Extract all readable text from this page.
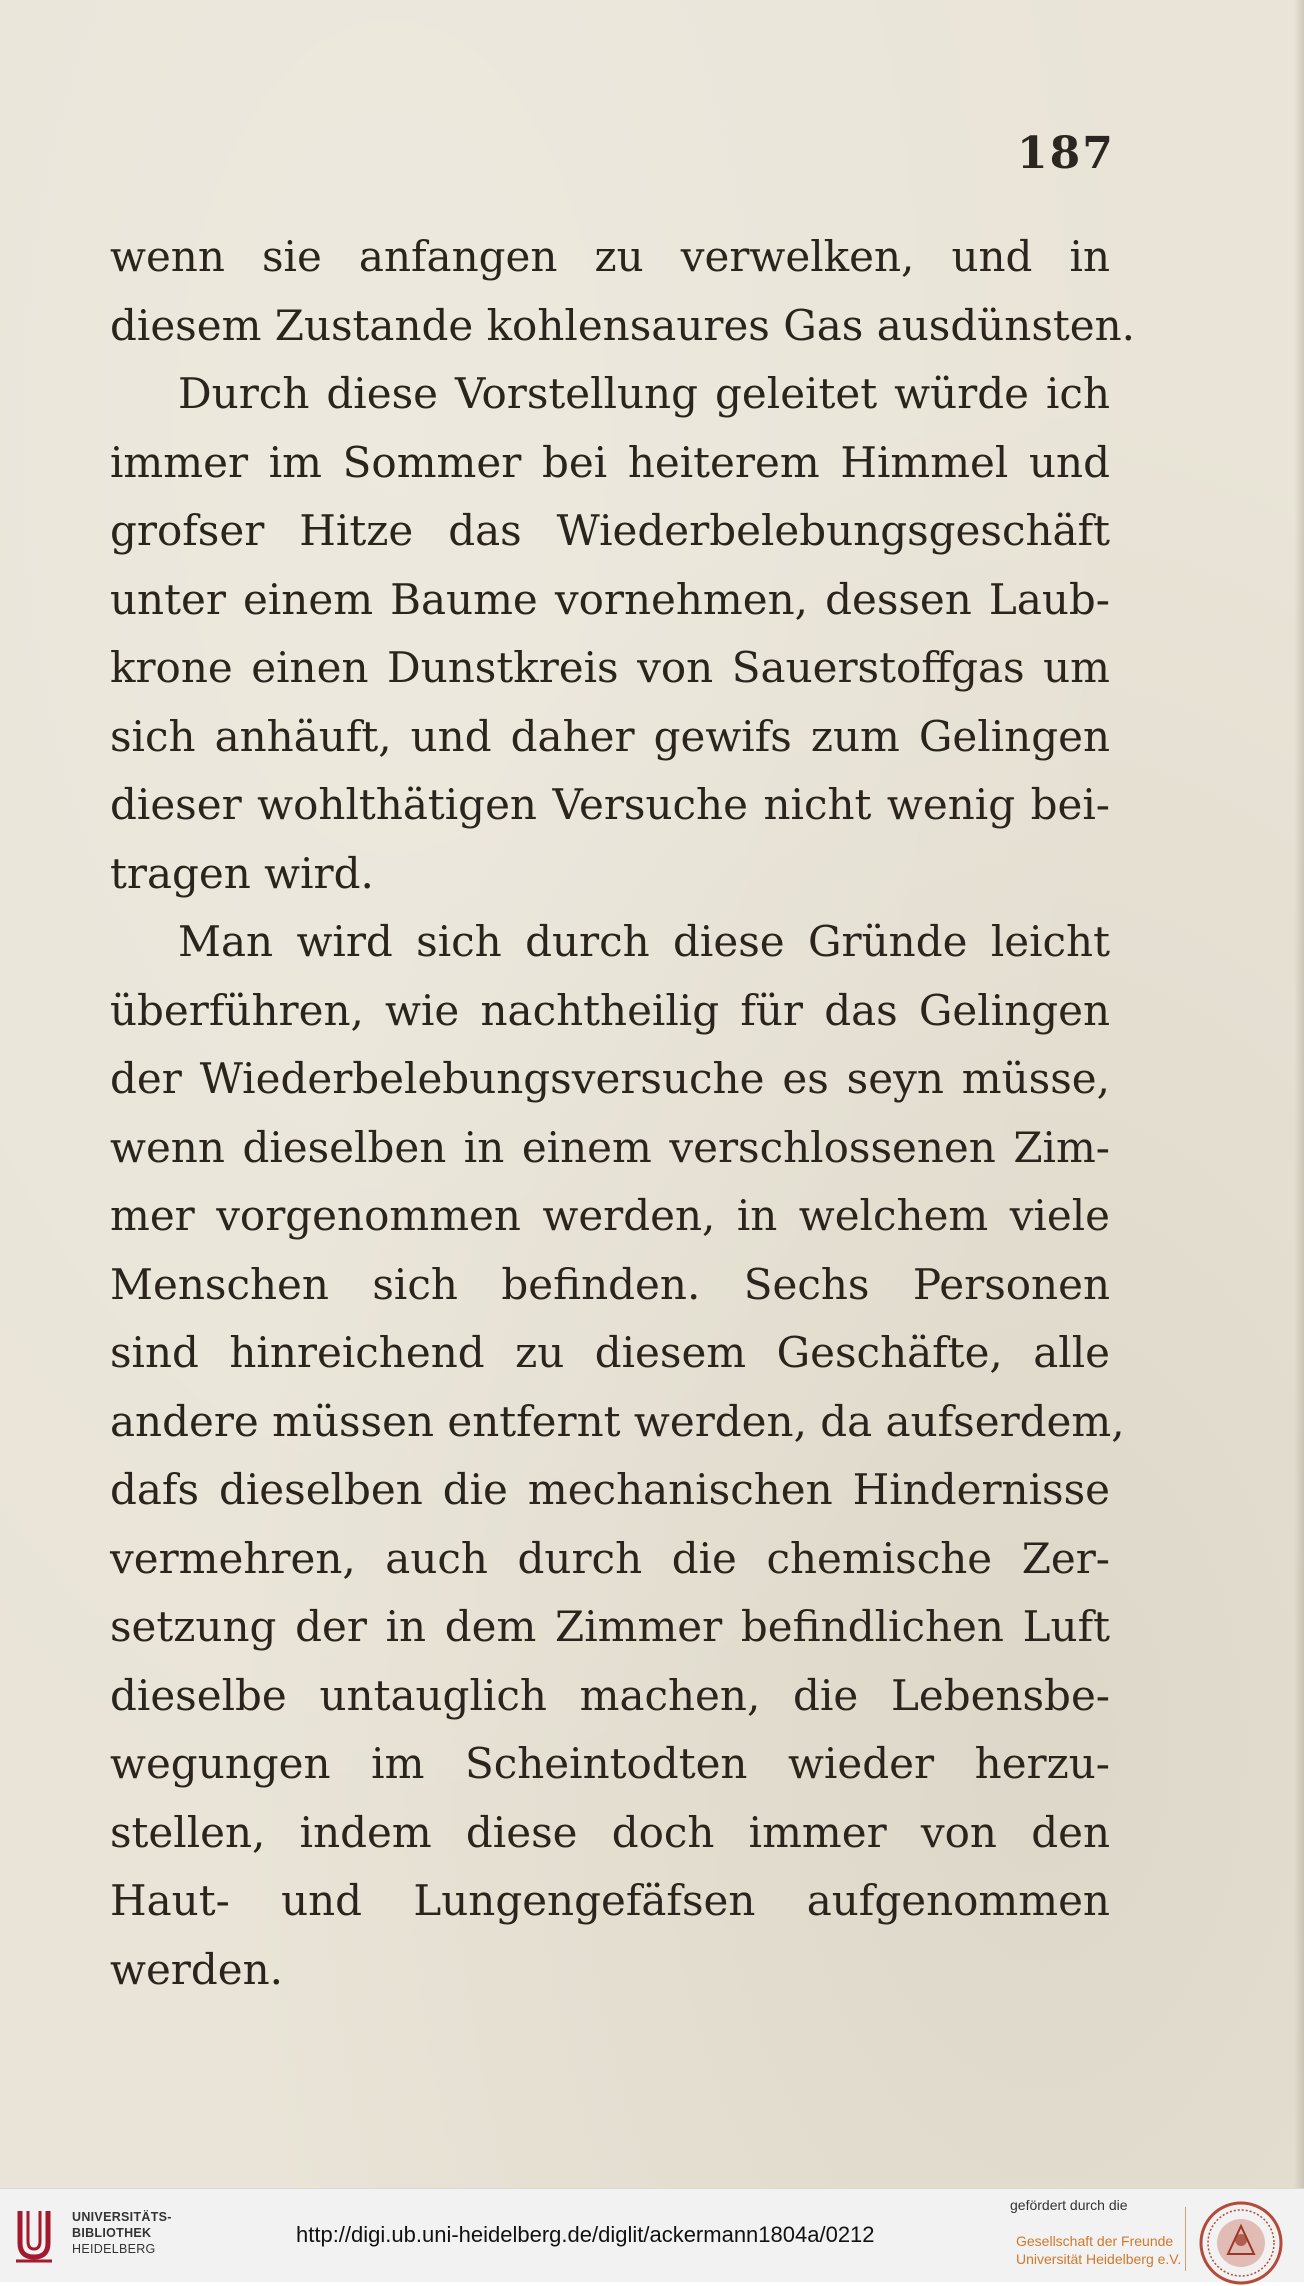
187
wenn sie anfangen zu verwelken, und in
diesem Zustande kohlensaures Gas ausdünsten.
Durch diese Vorstellung geleitet würde ich
immer im Sommer bei heiterem Himmel und
grofser Hitze das Wiederbelebungsgeschäft
unter einem Baume vornehmen, dessen Laub-
krone einen Dunstkreis von Sauerstoffgas um
sich anhäuft, und daher gewifs zum Gelingen
dieser wohlthätigen Versuche nicht wenig bei-
tragen wird.
Man wird sich durch diese Gründe leicht
überführen, wie nachtheilig für das Gelingen
der Wiederbelebungsversuche es seyn müsse,
wenn dieselben in einem verschlossenen Zim-
mer vorgenommen werden, in welchem viele
Menschen sich befinden. Sechs Personen
sind hinreichend zu diesem Geschäfte, alle
andere müssen entfernt werden, da aufserdem,
dafs dieselben die mechanischen Hindernisse
vermehren, auch durch die chemische Zer-
setzung der in dem Zimmer befindlichen Luft
dieselbe untauglich machen, die Lebensbe-
wegungen im Scheintodten wieder herzu-
stellen, indem diese doch immer von den
Haut- und Lungengefäfsen aufgenommen
werden.
UNIVERSITÄTS-
BIBLIOTHEK
HEIDELBERG
http://digi.ub.uni-heidelberg.de/diglit/ackermann1804a/0212
gefördert durch die
Gesellschaft der Freunde
Universität Heidelberg e.V.
